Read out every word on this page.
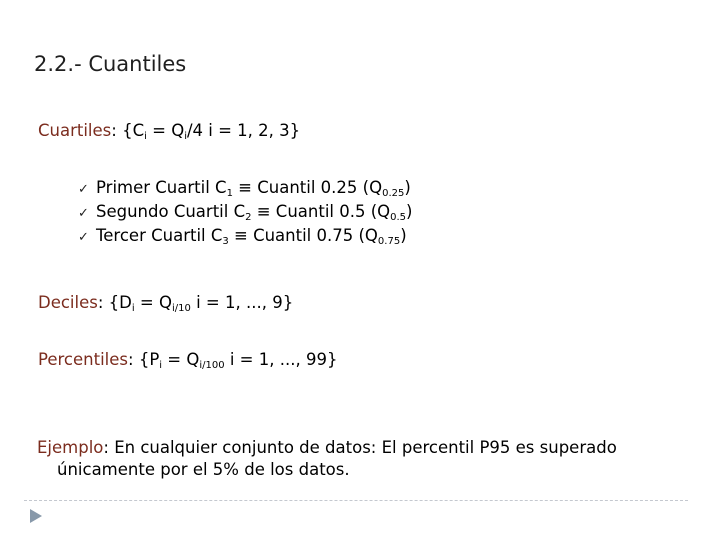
2.2.- Cuantiles
Cuartiles: {$C_i = Q_i/4$ i = 1, 2, 3}
✓ Primer Cuartil $C_1$ ≡ Cuantil 0.25 $(Q_{0.25})$
✓ Segundo Cuartil $C_2$ ≡ Cuantil 0.5 $(Q_{0.5})$
✓ Tercer Cuartil $C_3$ ≡ Cuantil 0.75 $(Q_{0.75})$
Deciles: {$D_i = Q_{i/10}$ i = 1, ..., 9}
Percentiles: {$P_i = Q_{i/100}$ i = 1, ..., 99}
Ejemplo: En cualquier conjunto de datos: El percentil P95 es superado
únicamente por el 5% de los datos.
